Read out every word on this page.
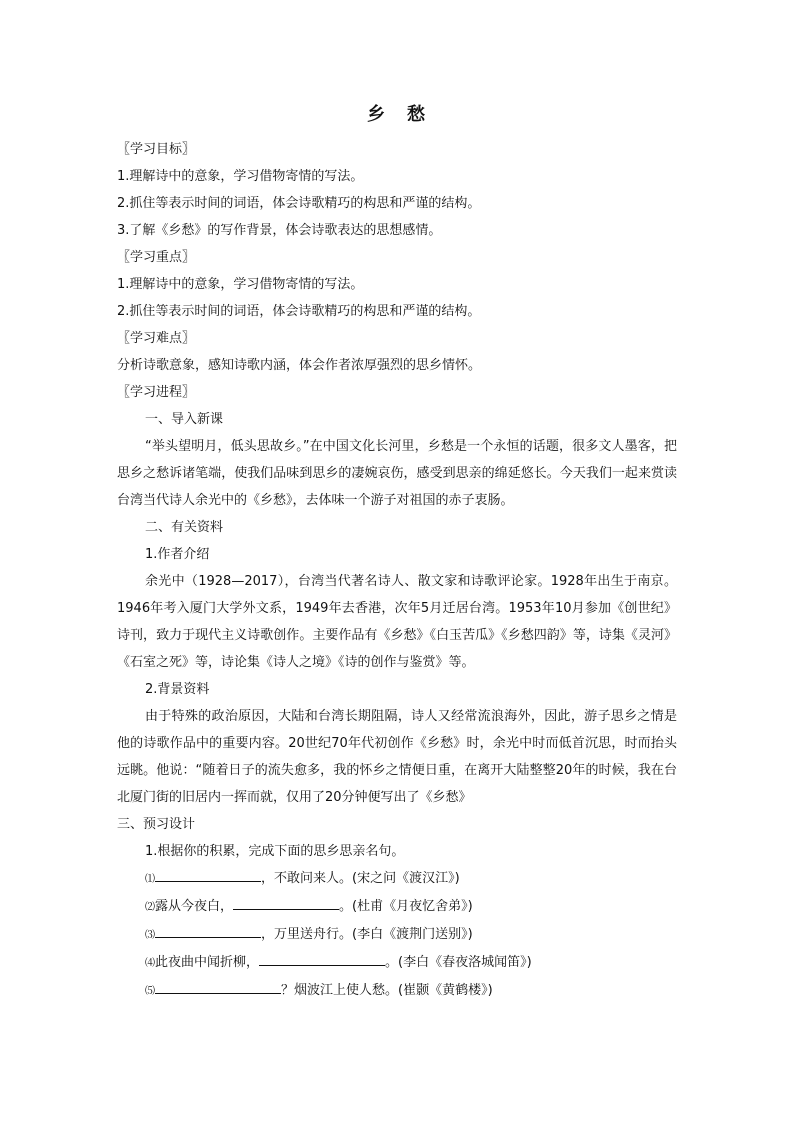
乡　愁
〖学习目标〗
1.理解诗中的意象，学习借物寄情的写法。
2.抓住等表示时间的词语，体会诗歌精巧的构思和严谨的结构。
3.了解《乡愁》的写作背景，体会诗歌表达的思想感情。
〖学习重点〗
1.理解诗中的意象，学习借物寄情的写法。
2.抓住等表示时间的词语，体会诗歌精巧的构思和严谨的结构。
〖学习难点〗
分析诗歌意象，感知诗歌内涵，体会作者浓厚强烈的思乡情怀。
〖学习进程〗
一、导入新课
“举头望明月，低头思故乡。”在中国文化长河里，乡愁是一个永恒的话题，很多文人墨客，把思乡之愁诉诸笔端，使我们品味到思乡的凄婉哀伤，感受到思亲的绵延悠长。今天我们一起来赏读台湾当代诗人余光中的《乡愁》，去体味一个游子对祖国的赤子衷肠。
二、有关资料
1.作者介绍
余光中（1928—2017），台湾当代著名诗人、散文家和诗歌评论家。1928年出生于南京。1946年考入厦门大学外文系，1949年去香港，次年5月迁居台湾。1953年10月参加《创世纪》诗刊，致力于现代主义诗歌创作。主要作品有《乡愁》《白玉苦瓜》《乡愁四韵》等，诗集《灵河》《石室之死》等，诗论集《诗人之境》《诗的创作与鉴赏》等。
2.背景资料
由于特殊的政治原因，大陆和台湾长期阻隔，诗人又经常流浪海外，因此，游子思乡之情是他的诗歌作品中的重要内容。20世纪70年代初创作《乡愁》时，余光中时而低首沉思，时而抬头远眺。他说：“随着日子的流失愈多，我的怀乡之情便日重，在离开大陆整整20年的时候，我在台北厦门街的旧居内一挥而就，仅用了20分钟便写出了《乡愁》
三、预习设计
1.根据你的积累，完成下面的思乡思亲名句。
⑴	，不敢问来人。(宋之问《渡汉江》)
⑵露从今夜白，	。(杜甫《月夜忆舍弟》)
⑶	，万里送舟行。(李白《渡荆门送别》)
⑷此夜曲中闻折柳，	。(李白《春夜洛城闻笛》)
⑸	？烟波江上使人愁。(崔颢《黄鹤楼》)
